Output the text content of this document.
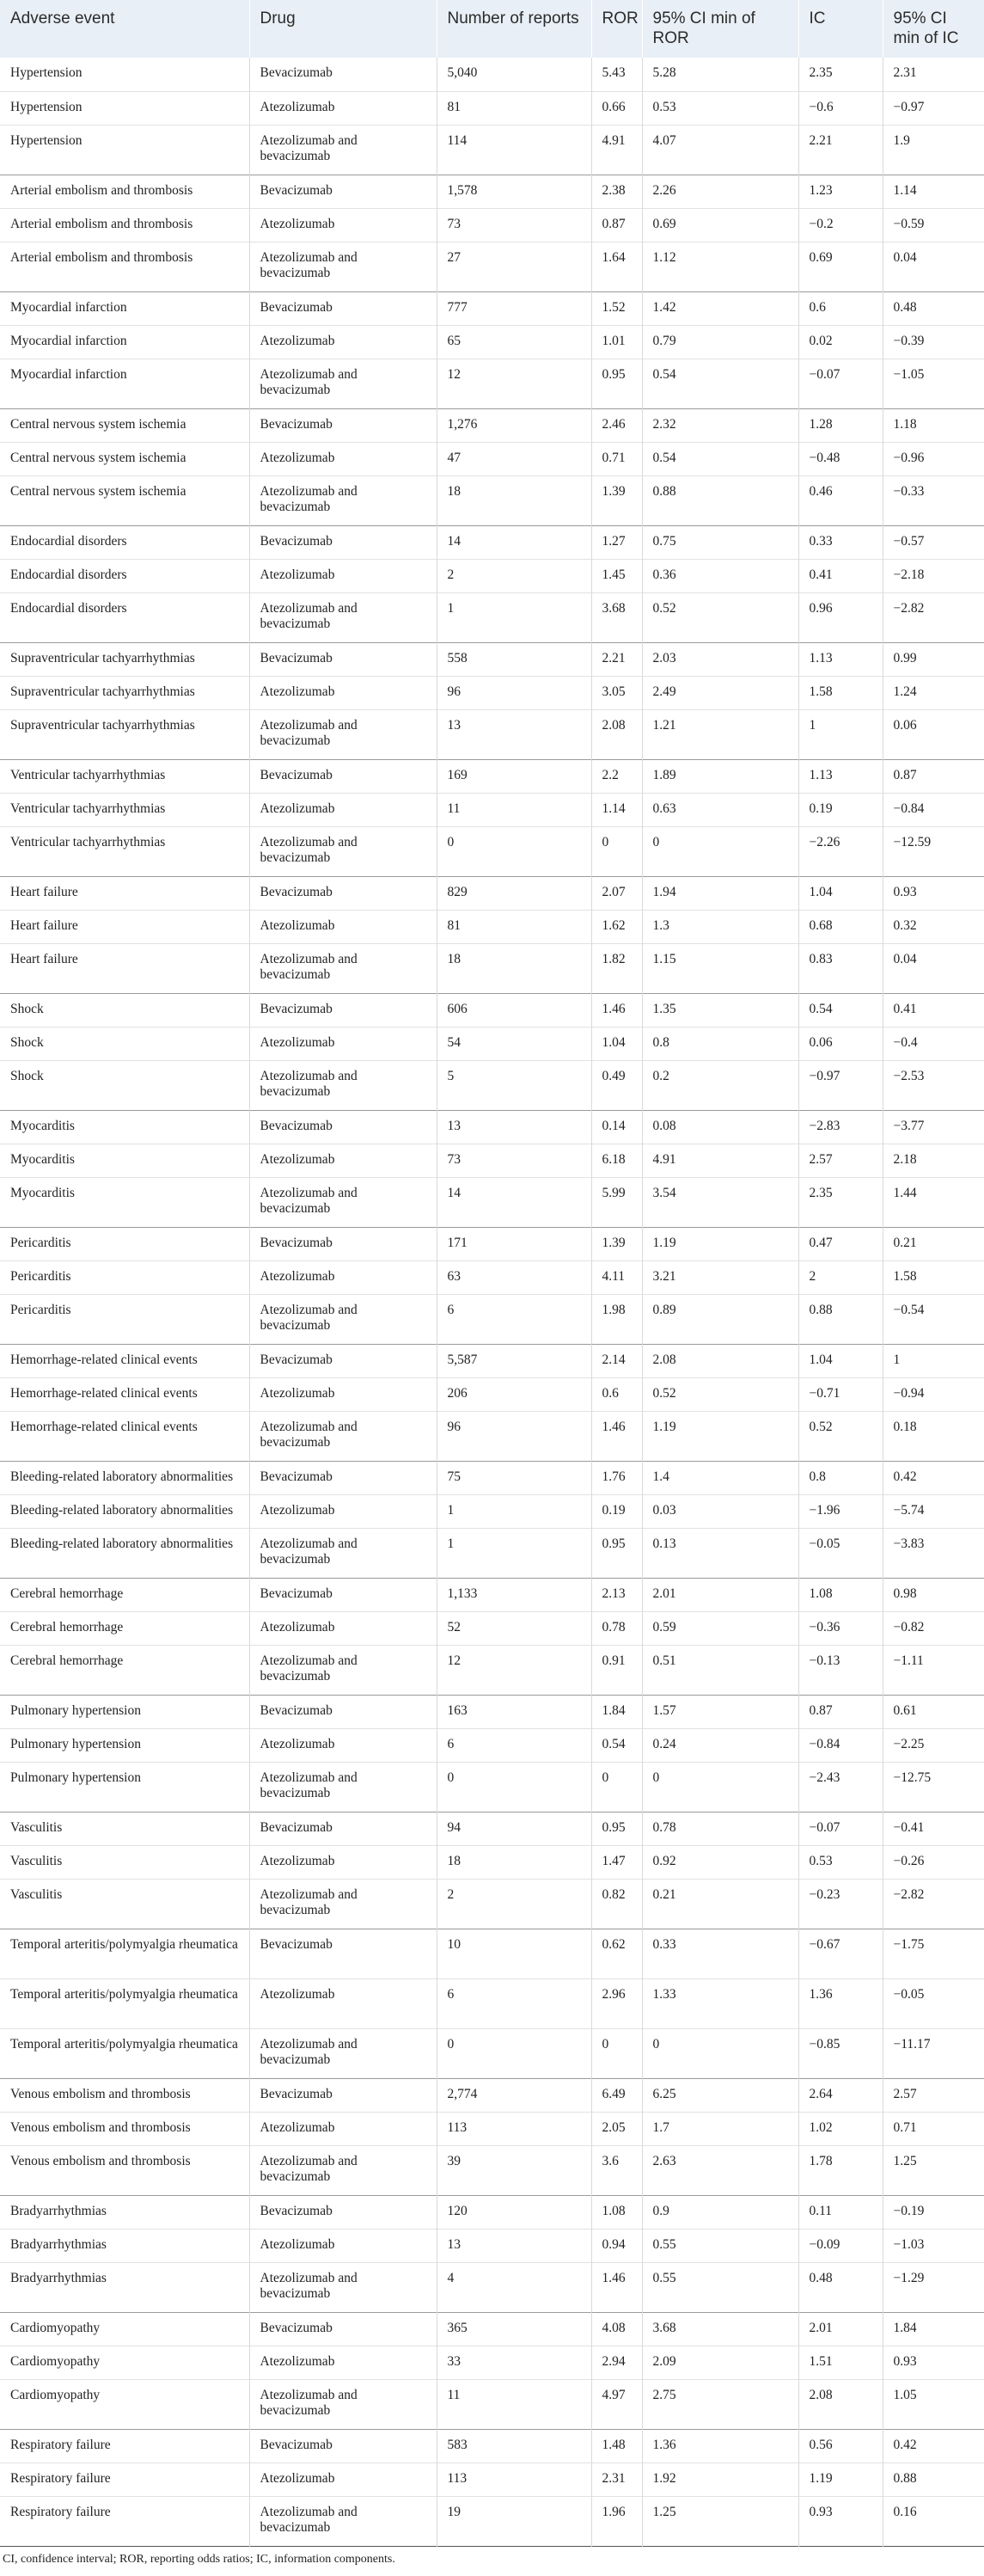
Adverse event	Drug	Number of reports	ROR	95% CI min of ROR	IC	95% CI min of IC
Hypertension	Bevacizumab	5,040	5.43	5.28	2.35	2.31
Hypertension	Atezolizumab	81	0.66	0.53	−0.6	−0.97
Hypertension	Atezolizumab and bevacizumab	114	4.91	4.07	2.21	1.9
Arterial embolism and thrombosis	Bevacizumab	1,578	2.38	2.26	1.23	1.14
Arterial embolism and thrombosis	Atezolizumab	73	0.87	0.69	−0.2	−0.59
Arterial embolism and thrombosis	Atezolizumab and bevacizumab	27	1.64	1.12	0.69	0.04
Myocardial infarction	Bevacizumab	777	1.52	1.42	0.6	0.48
Myocardial infarction	Atezolizumab	65	1.01	0.79	0.02	−0.39
Myocardial infarction	Atezolizumab and bevacizumab	12	0.95	0.54	−0.07	−1.05
Central nervous system ischemia	Bevacizumab	1,276	2.46	2.32	1.28	1.18
Central nervous system ischemia	Atezolizumab	47	0.71	0.54	−0.48	−0.96
Central nervous system ischemia	Atezolizumab and bevacizumab	18	1.39	0.88	0.46	−0.33
Endocardial disorders	Bevacizumab	14	1.27	0.75	0.33	−0.57
Endocardial disorders	Atezolizumab	2	1.45	0.36	0.41	−2.18
Endocardial disorders	Atezolizumab and bevacizumab	1	3.68	0.52	0.96	−2.82
Supraventricular tachyarrhythmias	Bevacizumab	558	2.21	2.03	1.13	0.99
Supraventricular tachyarrhythmias	Atezolizumab	96	3.05	2.49	1.58	1.24
Supraventricular tachyarrhythmias	Atezolizumab and bevacizumab	13	2.08	1.21	1	0.06
Ventricular tachyarrhythmias	Bevacizumab	169	2.2	1.89	1.13	0.87
Ventricular tachyarrhythmias	Atezolizumab	11	1.14	0.63	0.19	−0.84
Ventricular tachyarrhythmias	Atezolizumab and bevacizumab	0	0	0	−2.26	−12.59
Heart failure	Bevacizumab	829	2.07	1.94	1.04	0.93
Heart failure	Atezolizumab	81	1.62	1.3	0.68	0.32
Heart failure	Atezolizumab and bevacizumab	18	1.82	1.15	0.83	0.04
Shock	Bevacizumab	606	1.46	1.35	0.54	0.41
Shock	Atezolizumab	54	1.04	0.8	0.06	−0.4
Shock	Atezolizumab and bevacizumab	5	0.49	0.2	−0.97	−2.53
Myocarditis	Bevacizumab	13	0.14	0.08	−2.83	−3.77
Myocarditis	Atezolizumab	73	6.18	4.91	2.57	2.18
Myocarditis	Atezolizumab and bevacizumab	14	5.99	3.54	2.35	1.44
Pericarditis	Bevacizumab	171	1.39	1.19	0.47	0.21
Pericarditis	Atezolizumab	63	4.11	3.21	2	1.58
Pericarditis	Atezolizumab and bevacizumab	6	1.98	0.89	0.88	−0.54
Hemorrhage-related clinical events	Bevacizumab	5,587	2.14	2.08	1.04	1
Hemorrhage-related clinical events	Atezolizumab	206	0.6	0.52	−0.71	−0.94
Hemorrhage-related clinical events	Atezolizumab and bevacizumab	96	1.46	1.19	0.52	0.18
Bleeding-related laboratory abnormalities	Bevacizumab	75	1.76	1.4	0.8	0.42
Bleeding-related laboratory abnormalities	Atezolizumab	1	0.19	0.03	−1.96	−5.74
Bleeding-related laboratory abnormalities	Atezolizumab and bevacizumab	1	0.95	0.13	−0.05	−3.83
Cerebral hemorrhage	Bevacizumab	1,133	2.13	2.01	1.08	0.98
Cerebral hemorrhage	Atezolizumab	52	0.78	0.59	−0.36	−0.82
Cerebral hemorrhage	Atezolizumab and bevacizumab	12	0.91	0.51	−0.13	−1.11
Pulmonary hypertension	Bevacizumab	163	1.84	1.57	0.87	0.61
Pulmonary hypertension	Atezolizumab	6	0.54	0.24	−0.84	−2.25
Pulmonary hypertension	Atezolizumab and bevacizumab	0	0	0	−2.43	−12.75
Vasculitis	Bevacizumab	94	0.95	0.78	−0.07	−0.41
Vasculitis	Atezolizumab	18	1.47	0.92	0.53	−0.26
Vasculitis	Atezolizumab and bevacizumab	2	0.82	0.21	−0.23	−2.82
Temporal arteritis/polymyalgia rheumatica	Bevacizumab	10	0.62	0.33	−0.67	−1.75
Temporal arteritis/polymyalgia rheumatica	Atezolizumab	6	2.96	1.33	1.36	−0.05
Temporal arteritis/polymyalgia rheumatica	Atezolizumab and bevacizumab	0	0	0	−0.85	−11.17
Venous embolism and thrombosis	Bevacizumab	2,774	6.49	6.25	2.64	2.57
Venous embolism and thrombosis	Atezolizumab	113	2.05	1.7	1.02	0.71
Venous embolism and thrombosis	Atezolizumab and bevacizumab	39	3.6	2.63	1.78	1.25
Bradyarrhythmias	Bevacizumab	120	1.08	0.9	0.11	−0.19
Bradyarrhythmias	Atezolizumab	13	0.94	0.55	−0.09	−1.03
Bradyarrhythmias	Atezolizumab and bevacizumab	4	1.46	0.55	0.48	−1.29
Cardiomyopathy	Bevacizumab	365	4.08	3.68	2.01	1.84
Cardiomyopathy	Atezolizumab	33	2.94	2.09	1.51	0.93
Cardiomyopathy	Atezolizumab and bevacizumab	11	4.97	2.75	2.08	1.05
Respiratory failure	Bevacizumab	583	1.48	1.36	0.56	0.42
Respiratory failure	Atezolizumab	113	2.31	1.92	1.19	0.88
Respiratory failure	Atezolizumab and bevacizumab	19	1.96	1.25	0.93	0.16
CI, confidence interval; ROR, reporting odds ratios; IC, information components.
